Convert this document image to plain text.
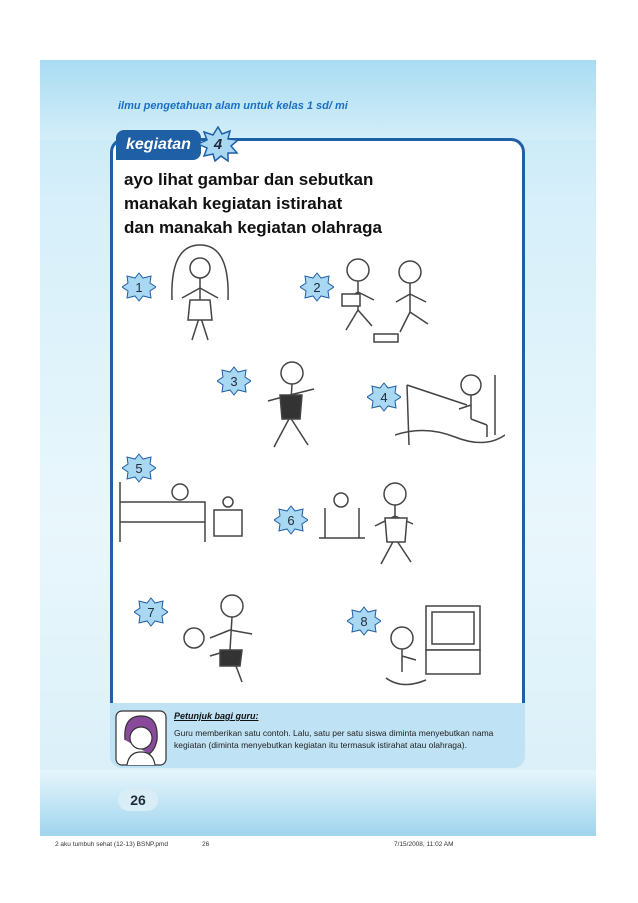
ilmu pengetahuan alam untuk kelas 1 sd/ mi
kegiatan	4
ayo lihat gambar dan sebutkan
manakah kegiatan istirahat
dan manakah kegiatan olahraga
1	2
3
4
5
6
7
8
Petunjuk bagi guru:
Guru memberikan satu contoh. Lalu, satu per satu siswa diminta menyebutkan nama kegiatan (diminta menyebutkan kegiatan itu termasuk istirahat atau olahraga).
26
2 aku tumbuh sehat (12-13) BSNP.pmd	26	7/15/2008, 11:02 AM
